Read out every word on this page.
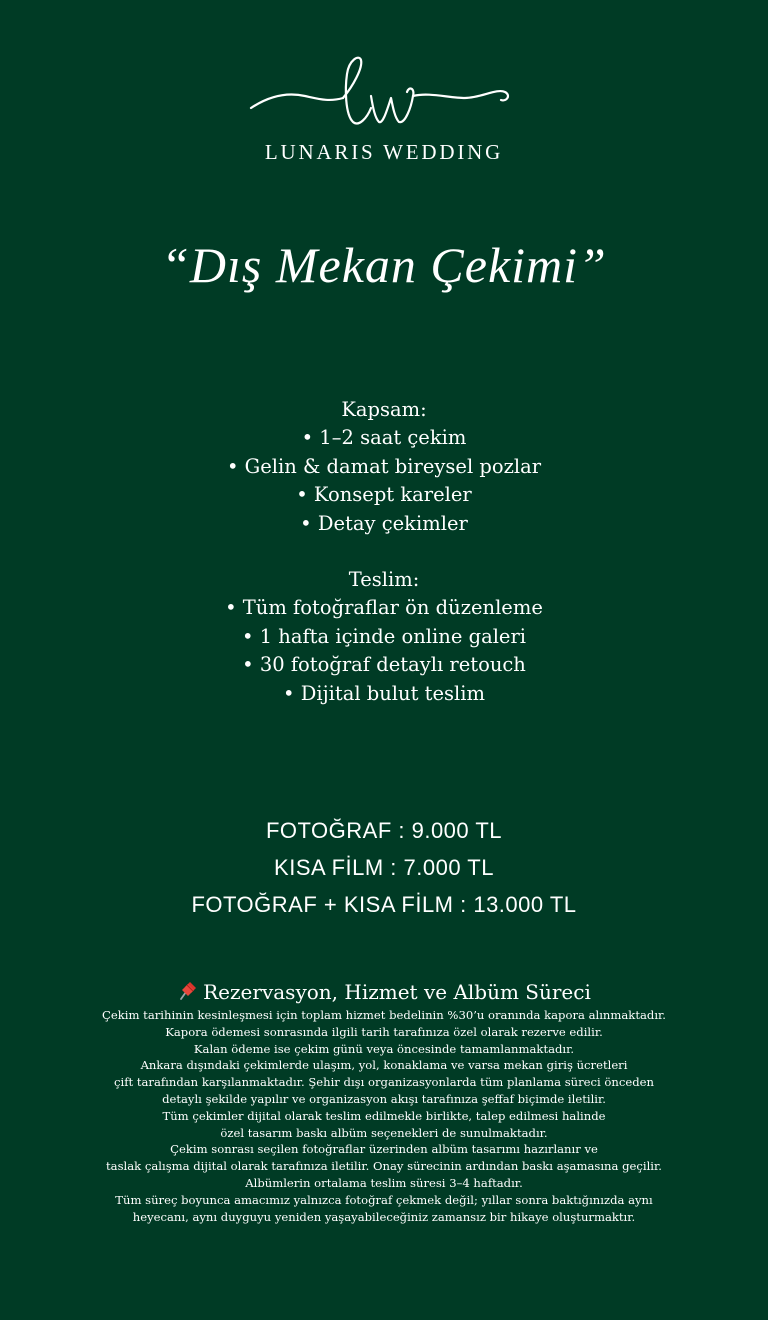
LUNARIS WEDDING
“Dış Mekan Çekimi”
Kapsam:
• 1–2 saat çekim
• Gelin & damat bireysel pozlar
• Konsept kareler
• Detay çekimler
Teslim:
• Tüm fotoğraflar ön düzenleme
• 1 hafta içinde online galeri
• 30 fotoğraf detaylı retouch
• Dijital bulut teslim
FOTOĞRAF : 9.000 TL
KISA FİLM : 7.000 TL
FOTOĞRAF + KISA FİLM : 13.000 TL
Rezervasyon, Hizmet ve Albüm Süreci
Çekim tarihinin kesinleşmesi için toplam hizmet bedelinin %30’u oranında kapora alınmaktadır.
Kapora ödemesi sonrasında ilgili tarih tarafınıza özel olarak rezerve edilir.
Kalan ödeme ise çekim günü veya öncesinde tamamlanmaktadır.
Ankara dışındaki çekimlerde ulaşım, yol, konaklama ve varsa mekan giriş ücretleri
çift tarafından karşılanmaktadır. Şehir dışı organizasyonlarda tüm planlama süreci önceden
detaylı şekilde yapılır ve organizasyon akışı tarafınıza şeffaf biçimde iletilir.
Tüm çekimler dijital olarak teslim edilmekle birlikte, talep edilmesi halinde
özel tasarım baskı albüm seçenekleri de sunulmaktadır.
Çekim sonrası seçilen fotoğraflar üzerinden albüm tasarımı hazırlanır ve
taslak çalışma dijital olarak tarafınıza iletilir. Onay sürecinin ardından baskı aşamasına geçilir.
Albümlerin ortalama teslim süresi 3–4 haftadır.
Tüm süreç boyunca amacımız yalnızca fotoğraf çekmek değil; yıllar sonra baktığınızda aynı
heyecanı, aynı duyguyu yeniden yaşayabileceğiniz zamansız bir hikaye oluşturmaktır.
